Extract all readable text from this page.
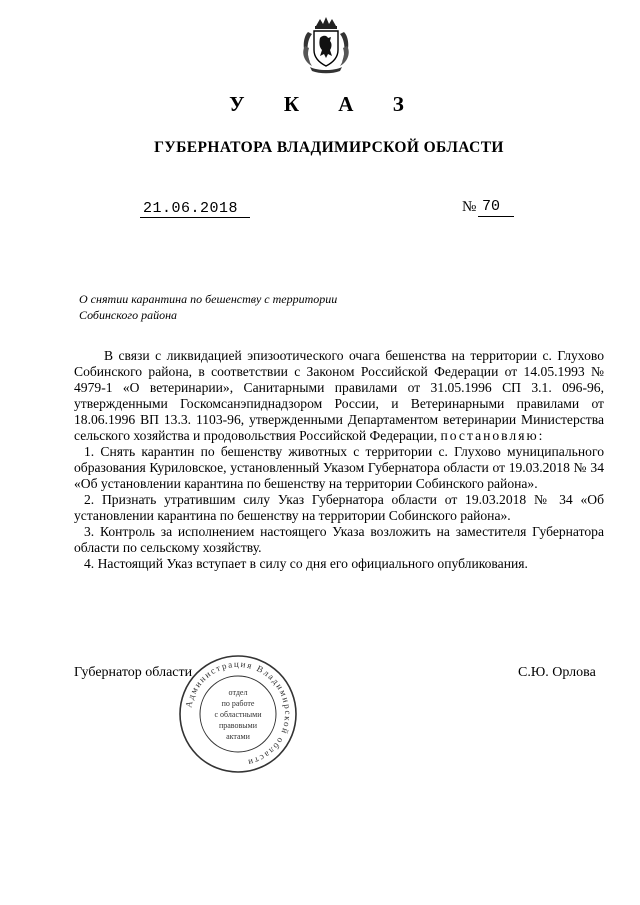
У К А З
ГУБЕРНАТОРА ВЛАДИМИРСКОЙ ОБЛАСТИ
21.06.2018	№ 70
О снятии карантина по бешенству с территории
Собинского района

В связи с ликвидацией эпизоотического очага бешенства на территории с. Глухово Собинского района, в соответствии с Законом Российской Федерации от 14.05.1993 № 4979-1 «О ветеринарии», Санитарными правилами от 31.05.1996 СП 3.1. 096-96, утвержденными Госкомсанэпиднадзором России, и Ветеринарными правилами от 18.06.1996 ВП 13.3. 1103-96, утвержденными Департаментом ветеринарии Министерства сельского хозяйства и продовольствия Российской Федерации, постановляю:

1. Снять карантин по бешенству животных с территории с. Глухово муниципального образования Куриловское, установленный Указом Губернатора области от 19.03.2018 № 34 «Об установлении карантина по бешенству на территории Собинского района».

2. Признать утратившим силу Указ Губернатора области от 19.03.2018 № 34 «Об установлении карантина по бешенству на территории Собинского района».

3. Контроль за исполнением настоящего Указа возложить на заместителя Губернатора области по сельскому хозяйству.

4. Настоящий Указ вступает в силу со дня его официального опубликования.

Губернатор области	С.Ю. Орлова
Администрация Владимирской области
отдел
по работе
с областными
правовыми
актами
